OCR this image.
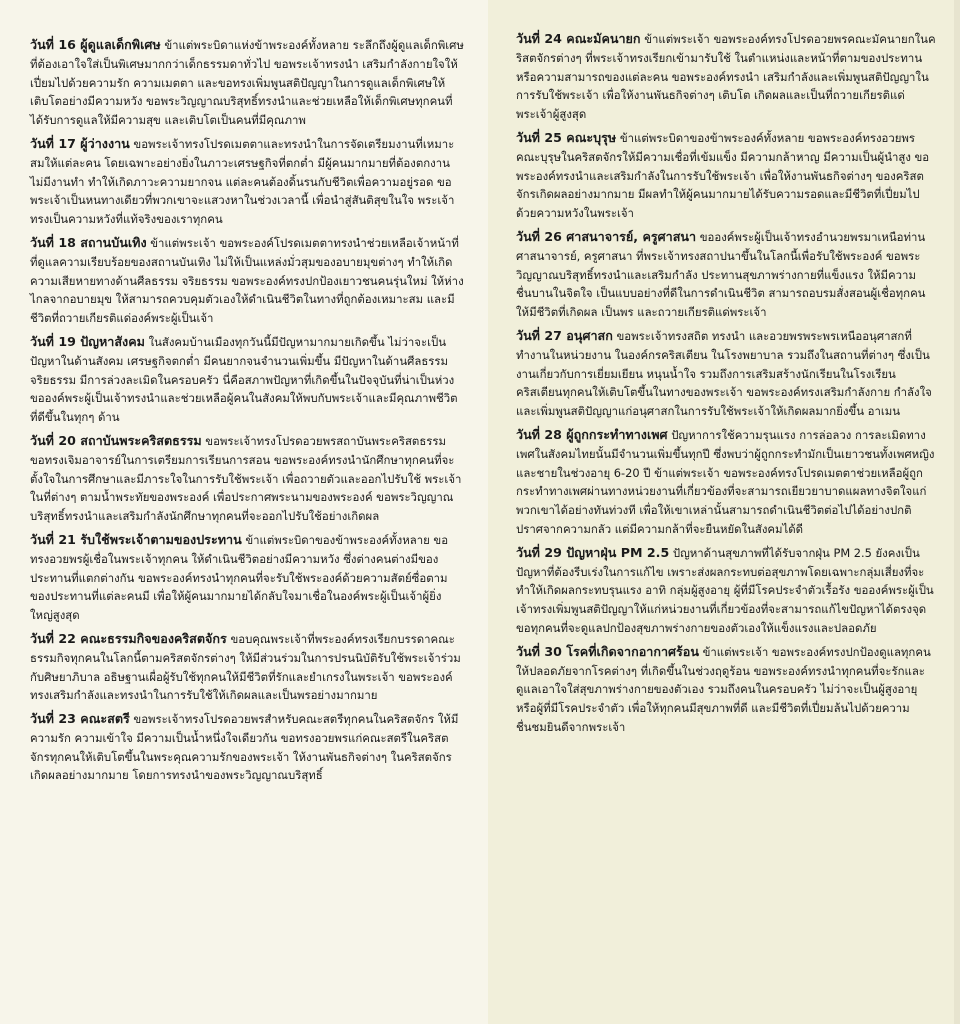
วันที่ 16 ผู้ดูแลเด็กพิเศษ ข้าแต่พระบิดาแห่งข้าพระองค์ทั้งหลาย ระลึกถึงผู้ดูแลเด็กพิเศษ ที่ต้องเอาใจใส่เป็นพิเศษมากกว่าเด็กธรรมดาทั่วไป ขอพระเจ้าทรงนำ เสริมกำลังกายใจให้เปี่ยมไปด้วยความรัก ความเมตตา และขอทรงเพิ่มพูนสติปัญญาในการดูแลเด็กพิเศษให้เติบโตอย่างมีความหวัง ขอพระวิญญาณบริสุทธิ์ทรงนำและช่วยเหลือให้เด็กพิเศษทุกคนที่ได้รับการดูแลให้มีความสุข และเติบโตเป็นคนที่มีคุณภาพ

วันที่ 17 ผู้ว่างงาน ขอพระเจ้าทรงโปรดเมตตาและทรงนำในการจัดเตรียมงานที่เหมาะสมให้แต่ละคน โดยเฉพาะอย่างยิ่งในภาวะเศรษฐกิจที่ตกต่ำ มีผู้คนมากมายที่ต้องตกงานไม่มีงานทำ ทำให้เกิดภาวะความยากจน แต่ละคนต้องดิ้นรนกับชีวิตเพื่อความอยู่รอด ขอพระเจ้าเป็นหนทางเดียวที่พวกเขาจะแสวงหาในช่วงเวลานี้ เพื่อนำสู่สันติสุขในใจ พระเจ้าทรงเป็นความหวังที่แท้จริงของเราทุกคน

วันที่ 18 สถานบันเทิง ข้าแต่พระเจ้า ขอพระองค์โปรดเมตตาทรงนำช่วยเหลือเจ้าหน้าที่ที่ดูแลความเรียบร้อยของสถานบันเทิง ไม่ให้เป็นแหล่งมั่วสุมของอบายมุขต่างๆ ทำให้เกิดความเสียหายทางด้านศีลธรรม จริยธรรม ขอพระองค์ทรงปกป้องเยาวชนคนรุ่นใหม่ ให้ห่างไกลจากอบายมุข ให้สามารถควบคุมตัวเองให้ดำเนินชีวิตในทางที่ถูกต้องเหมาะสม และมีชีวิตที่ถวายเกียรติแด่องค์พระผู้เป็นเจ้า

วันที่ 19 ปัญหาสังคม ในสังคมบ้านเมืองทุกวันนี้มีปัญหามากมายเกิดขึ้น ไม่ว่าจะเป็นปัญหาในด้านสังคม เศรษฐกิจตกต่ำ มีคนยากจนจำนวนเพิ่มขึ้น มีปัญหาในด้านศีลธรรม จริยธรรม มีการล่วงละเมิดในครอบครัว นี่คือสภาพปัญหาที่เกิดขึ้นในปัจจุบันที่น่าเป็นห่วง ขอองค์พระผู้เป็นเจ้าทรงนำและช่วยเหลือผู้คนในสังคมให้พบกับพระเจ้าและมีคุณภาพชีวิตที่ดีขึ้นในทุกๆ ด้าน

วันที่ 20 สถาบันพระคริสตธรรม ขอพระเจ้าทรงโปรดอวยพรสถาบันพระคริสตธรรม ขอทรงเจิมอาจารย์ในการเตรียมการเรียนการสอน ขอพระองค์ทรงนำนักศึกษาทุกคนที่จะตั้งใจในการศึกษาและมีภาระใจในการรับใช้พระเจ้า เพื่อถวายตัวและออกไปรับใช้ พระเจ้าในที่ต่างๆ ตามน้ำพระทัยของพระองค์ เพื่อประกาศพระนามของพระองค์ ขอพระวิญญาณบริสุทธิ์ทรงนำและเสริมกำลังนักศึกษาทุกคนที่จะออกไปรับใช้อย่างเกิดผล

วันที่ 21 รับใช้พระเจ้าตามของประทาน ข้าแต่พระบิดาของข้าพระองค์ทั้งหลาย ขอทรงอวยพรผู้เชื่อในพระเจ้าทุกคน ให้ดำเนินชีวิตอย่างมีความหวัง ซึ่งต่างคนต่างมีของประทานที่แตกต่างกัน ขอพระองค์ทรงนำทุกคนที่จะรับใช้พระองค์ด้วยความสัตย์ซื่อตามของประทานที่แต่ละคนมี เพื่อให้ผู้คนมากมายได้กลับใจมาเชื่อในองค์พระผู้เป็นเจ้าผู้ยิ่งใหญ่สูงสุด

วันที่ 22 คณะธรรมกิจของคริสตจักร ขอบคุณพระเจ้าที่พระองค์ทรงเรียกบรรดาคณะธรรมกิจทุกคนในโลกนี้ตามคริสตจักรต่างๆ ให้มีส่วนร่วมในการปรนนิบัติรับใช้พระเจ้าร่วมกับศิษยาภิบาล อธิษฐานเผื่อผู้รับใช้ทุกคนให้มีชีวิตที่รักและยำเกรงในพระเจ้า ขอพระองค์ทรงเสริมกำลังและทรงนำในการรับใช้ให้เกิดผลและเป็นพรอย่างมากมาย

วันที่ 23 คณะสตรี ขอพระเจ้าทรงโปรดอวยพรสำหรับคณะสตรีทุกคนในคริสตจักร ให้มีความรัก ความเข้าใจ มีความเป็นน้ำหนึ่งใจเดียวกัน ขอทรงอวยพรแก่คณะสตรีในคริสตจักรทุกคนให้เติบโตขึ้นในพระคุณความรักของพระเจ้า ให้งานพันธกิจต่างๆ ในคริสตจักรเกิดผลอย่างมากมาย โดยการทรงนำของพระวิญญาณบริสุทธิ์

วันที่ 24 คณะมัคนายก ข้าแต่พระเจ้า ขอพระองค์ทรงโปรดอวยพรคณะมัคนายกในคริสตจักรต่างๆ ที่พระเจ้าทรงเรียกเข้ามารับใช้ ในตำแหน่งและหน้าที่ตามของประทานหรือความสามารถของแต่ละคน ขอพระองค์ทรงนำ เสริมกำลังและเพิ่มพูนสติปัญญาในการรับใช้พระเจ้า เพื่อให้งานพันธกิจต่างๆ เติบโต เกิดผลและเป็นที่ถวายเกียรติแด่พระเจ้าผู้สูงสุด

วันที่ 25 คณะบุรุษ ข้าแต่พระบิดาของข้าพระองค์ทั้งหลาย ขอพระองค์ทรงอวยพรคณะบุรุษในคริสตจักรให้มีความเชื่อที่เข้มแข็ง มีความกล้าหาญ มีความเป็นผู้นำสูง ขอพระองค์ทรงนำและเสริมกำลังในการรับใช้พระเจ้า เพื่อให้งานพันธกิจต่างๆ ของคริสตจักรเกิดผลอย่างมากมาย มีผลทำให้ผู้คนมากมายได้รับความรอดและมีชีวิตที่เปี่ยมไปด้วยความหวังในพระเจ้า

วันที่ 26 ศาสนาจารย์, ครูศาสนา ขอองค์พระผู้เป็นเจ้าทรงอำนวยพรมาเหนือท่านศาสนาจารย์, ครูศาสนา ที่พระเจ้าทรงสถาปนาขึ้นในโลกนี้เพื่อรับใช้พระองค์ ขอพระวิญญาณบริสุทธิ์ทรงนำและเสริมกำลัง ประทานสุขภาพร่างกายที่แข็งแรง ให้มีความชื่นบานในจิตใจ เป็นแบบอย่างที่ดีในการดำเนินชีวิต สามารถอบรมสั่งสอนผู้เชื่อทุกคนให้มีชีวิตที่เกิดผล เป็นพร และถวายเกียรติแด่พระเจ้า

วันที่ 27 อนุศาสก ขอพระเจ้าทรงสถิต ทรงนำ และอวยพรพระพรเหนืออนุศาสกที่ทำงานในหน่วยงาน ในองค์กรคริสเตียน ในโรงพยาบาล รวมถึงในสถานที่ต่างๆ ซึ่งเป็นงานเกี่ยวกับการเยี่ยมเยียน หนุนน้ำใจ รวมถึงการเสริมสร้างนักเรียนในโรงเรียนคริสเตียนทุกคนให้เติบโตขึ้นในทางของพระเจ้า ขอพระองค์ทรงเสริมกำลังกาย กำลังใจ และเพิ่มพูนสติปัญญาแก่อนุศาสกในการรับใช้พระเจ้าให้เกิดผลมากยิ่งขึ้น อาเมน

วันที่ 28 ผู้ถูกกระทำทางเพศ ปัญหาการใช้ความรุนแรง การล่อลวง การละเมิดทางเพศในสังคมไทยนั้นมีจำนวนเพิ่มขึ้นทุกปี ซึ่งพบว่าผู้ถูกกระทำมักเป็นเยาวชนทั้งเพศหญิงและชายในช่วงอายุ 6-20 ปี ข้าแต่พระเจ้า ขอพระองค์ทรงโปรดเมตตาช่วยเหลือผู้ถูกกระทำทางเพศผ่านทางหน่วยงานที่เกี่ยวข้องที่จะสามารถเยียวยาบาดแผลทางจิตใจแก่พวกเขาได้อย่างทันท่วงที เพื่อให้เขาเหล่านั้นสามารถดำเนินชีวิตต่อไปได้อย่างปกติปราศจากความกลัว แต่มีความกล้าที่จะยืนหยัดในสังคมได้ดี

วันที่ 29 ปัญหาฝุ่น PM 2.5 ปัญหาด้านสุขภาพที่ได้รับจากฝุ่น PM 2.5 ยังคงเป็นปัญหาที่ต้องรีบเร่งในการแก้ไข เพราะส่งผลกระทบต่อสุขภาพโดยเฉพาะกลุ่มเสี่ยงที่จะทำให้เกิดผลกระทบรุนแรง อาทิ กลุ่มผู้สูงอายุ ผู้ที่มีโรคประจำตัวเรื้อรัง ขอองค์พระผู้เป็นเจ้าทรงเพิ่มพูนสติปัญญาให้แก่หน่วยงานที่เกี่ยวข้องที่จะสามารถแก้ไขปัญหาได้ตรงจุด ขอทุกคนที่จะดูแลปกป้องสุขภาพร่างกายของตัวเองให้แข็งแรงและปลอดภัย

วันที่ 30 โรคที่เกิดจากอากาศร้อน ข้าแต่พระเจ้า ขอพระองค์ทรงปกป้องดูแลทุกคนให้ปลอดภัยจากโรคต่างๆ ที่เกิดขึ้นในช่วงฤดูร้อน ขอพระองค์ทรงนำทุกคนที่จะรักและดูแลเอาใจใส่สุขภาพร่างกายของตัวเอง รวมถึงคนในครอบครัว ไม่ว่าจะเป็นผู้สูงอายุ หรือผู้ที่มีโรคประจำตัว เพื่อให้ทุกคนมีสุขภาพที่ดี และมีชีวิตที่เปี่ยมล้นไปด้วยความชื่นชมยินดีจากพระเจ้า
